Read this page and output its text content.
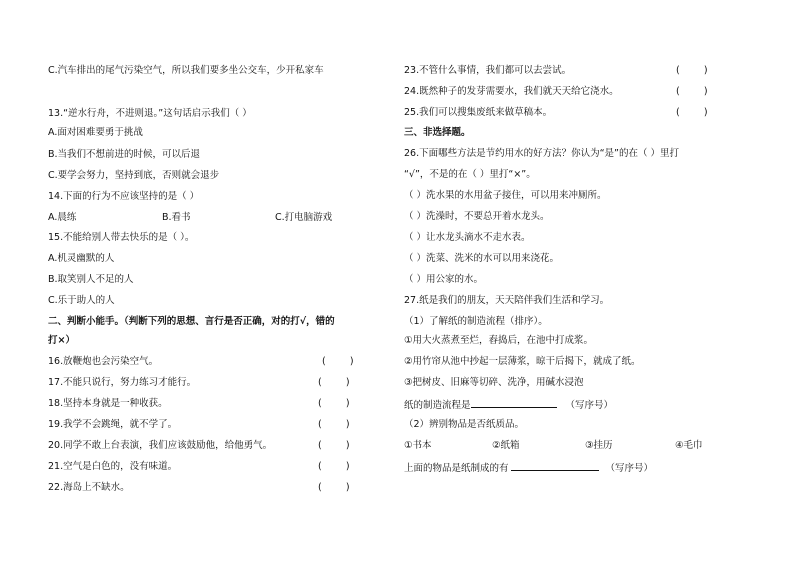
C.汽车排出的尾气污染空气，所以我们要多坐公交车，少开私家车
13.“逆水行舟，不进则退。”这句话启示我们（ ）
A.面对困难要勇于挑战
B.当我们不想前进的时候，可以后退
C.要学会努力，坚持到底，否则就会退步
14.下面的行为不应该坚持的是（ ）
A.晨练	B.看书	C.打电脑游戏
15.不能给别人带去快乐的是（ ）。
A.机灵幽默的人
B.取笑别人不足的人
C.乐于助人的人
二、判断小能手。（判断下列的思想、言行是否正确，对的打√，错的
打×）
16.放鞭炮也会污染空气。	(        )
17.不能只说行，努力练习才能行。	(        )
18.坚持本身就是一种收获。	(        )
19.我学不会跳绳，就不学了。	(        )
20.同学不敢上台表演，我们应该鼓励他，给他勇气。	(        )
21.空气是白色的，没有味道。	(        )
22.海岛上不缺水。	(        )
23.不管什么事情，我们都可以去尝试。	(        )
24.既然种子的发芽需要水，我们就天天给它浇水。	(        )
25.我们可以搜集废纸来做草稿本。	(        )
三、非选择题。
26.下面哪些方法是节约用水的好方法？你认为“是”的在（ ）里打
“√”，不是的在（ ）里打“×”。
（ ）洗水果的水用盆子接住，可以用来冲厕所。
（ ）洗澡时，不要总开着水龙头。
（ ）让水龙头滴水不走水表。
（ ）洗菜、洗米的水可以用来浇花。
（ ）用公家的水。
27.纸是我们的朋友，天天陪伴我们生活和学习。
（1）了解纸的制造流程（排序）。
①用大火蒸煮至烂，舂捣后，在池中打成浆。
②用竹帘从池中抄起一层薄浆，晾干后揭下，就成了纸。
③把树皮、旧麻等切碎、洗净，用碱水浸泡
纸的制造流程是	（写序号）
（2）辨别物品是否纸质品。
①书本	②纸箱	③挂历	④毛巾
上面的物品是纸制成的有	（写序号）
